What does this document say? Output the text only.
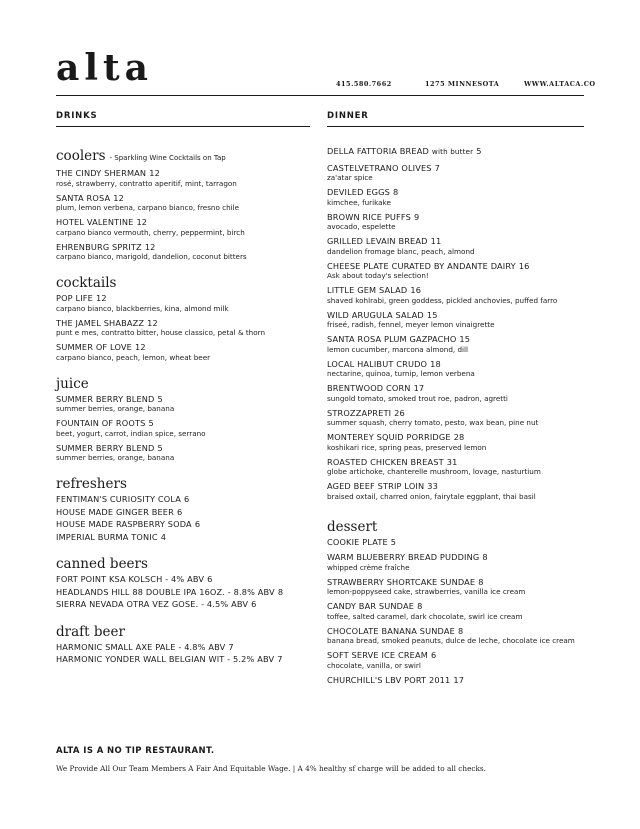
alta	415.580.7662	1275 MINNESOTA	WWW.ALTACA.CO
DRINKS	DINNER
coolers - Sparkling Wine Cocktails on Tap
THE CINDY SHERMAN 12
rosé, strawberry, contratto aperitif, mint, tarragon
SANTA ROSA 12
plum, lemon verbena, carpano bianco, fresno chile
HOTEL VALENTINE 12
carpano bianco vermouth, cherry, peppermint, birch
EHRENBURG SPRITZ 12
carpano bianco, marigold, dandelion, coconut bitters
cocktails
POP LIFE 12
carpano bianco, blackberries, kina, almond milk
THE JAMEL SHABAZZ 12
punt e mes, contratto bitter, house classico, petal & thorn
SUMMER OF LOVE 12
carpano bianco, peach, lemon, wheat beer
juice
SUMMER BERRY BLEND 5
summer berries, orange, banana
FOUNTAIN OF ROOTS 5
beet, yogurt, carrot, indian spice, serrano
SUMMER BERRY BLEND 5
summer berries, orange, banana
refreshers
FENTIMAN'S CURIOSITY COLA 6
HOUSE MADE GINGER BEER 6
HOUSE MADE RASPBERRY SODA 6
IMPERIAL BURMA TONIC 4
canned beers
FORT POINT KSA KOLSCH - 4% ABV 6
HEADLANDS HILL 88 DOUBLE IPA 16OZ. - 8.8% ABV 8
SIERRA NEVADA OTRA VEZ GOSE. - 4.5% ABV 6
draft beer
HARMONIC SMALL AXE PALE - 4.8% ABV 7
HARMONIC YONDER WALL BELGIAN WIT - 5.2% ABV 7
DELLA FATTORIA BREAD with butter 5
CASTELVETRANO OLIVES 7
za'atar spice
DEVILED EGGS 8
kimchee, furikake
BROWN RICE PUFFS 9
avocado, espelette
GRILLED LEVAIN BREAD 11
dandelion fromage blanc, peach, almond
CHEESE PLATE CURATED BY ANDANTE DAIRY 16
Ask about today's selection!
LITTLE GEM SALAD 16
shaved kohlrabi, green goddess, pickled anchovies, puffed farro
WILD ARUGULA SALAD 15
friseé, radish, fennel, meyer lemon vinaigrette
SANTA ROSA PLUM GAZPACHO 15
lemon cucumber, marcona almond, dill
LOCAL HALIBUT CRUDO 18
nectarine, quinoa, turnip, lemon verbena
BRENTWOOD CORN 17
sungold tomato, smoked trout roe, padron, agretti
STROZZAPRETI 26
summer squash, cherry tomato, pesto, wax bean, pine nut
MONTEREY SQUID PORRIDGE 28
koshikari rice, spring peas, preserved lemon
ROASTED CHICKEN BREAST 31
globe artichoke, chanterelle mushroom, lovage, nasturtium
AGED BEEF STRIP LOIN 33
braised oxtail, charred onion, fairytale eggplant, thai basil
dessert
COOKIE PLATE 5
WARM BLUEBERRY BREAD PUDDING 8
whipped crème fraîche
STRAWBERRY SHORTCAKE SUNDAE 8
lemon-poppyseed cake, strawberries, vanilla ice cream
CANDY BAR SUNDAE 8
toffee, salted caramel, dark chocolate, swirl ice cream
CHOCOLATE BANANA SUNDAE 8
banana bread, smoked peanuts, dulce de leche, chocolate ice cream
SOFT SERVE ICE CREAM 6
chocolate, vanilla, or swirl
CHURCHILL'S LBV PORT 2011 17
ALTA IS A NO TIP RESTAURANT.
We Provide All Our Team Members A Fair And Equitable Wage. | A 4% healthy sf charge will be added to all checks.
